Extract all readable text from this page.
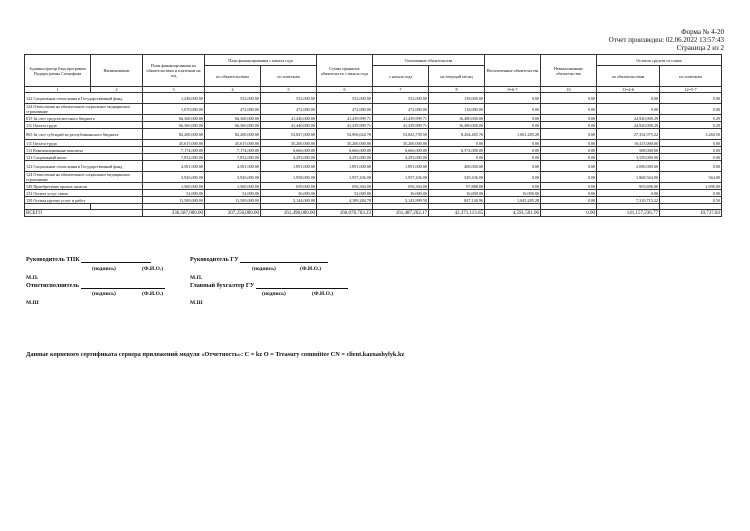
Форма № 4-20
Отчет произведен: 02.06.2022 13:57:43
Страница 2 из 2
Администратор Бюд.программа Подпрограмма Специфика	Наименование	План финансирования по обязательствам и платежам на год	План финансирования с начала года		Сумма принятых обязательств с начала года	Оплаченные обязательства		Неоплаченные обязательства	Невыполненные обязательства	Остаток средств от плана	
			по обязательствам	по платежам		с начала года	на текущий месяц			по обязательствам	по платежам
1	2	3	4	5	6	7	8	9=6-7	10	11=4-6	12=5-7
122 Социальные отчисления в Государственный фонд		1,248,000.00	552,000.00	552,000.00	552,000.00	552,000.00	138,000.00	0.00	0.00	0.00	0.00
124 Отчисления на обязательное социальное медицинское страхование		1,070,000.00	472,000.00	472,000.00	472,000.00	472,000.00	118,000.00	0.00	0.00	0.00	0.00
015 За счет средств местного бюджета		66,360,000.00	66,360,000.00	41,440,000.00	41,439,999.71	41,439,999.71	16,480,000.00	0.00	0.00	24,920,000.29	0.29
111 Оплата труда		66,360,000.00	66,360,000.00	41,440,000.00	41,439,999.71	41,439,999.71	16,480,000.00	0.00	0.00	24,920,000.29	0.29
065 За счет субсидий из республиканского бюджета		82,260,000.00	82,260,000.00	53,847,000.00	54,906,024.78	53,843,739.50	8,264,465.76	1,061,285.28	0.00	27,354,975.22	3,260.50
111 Оплата труда		45,615,000.00	45,615,000.00	35,200,000.00	35,200,000.00	35,200,000.00	0.00	0.00	0.00	10,415,000.00	0.00
113 Компенсационные выплаты		7,174,000.00	7,174,000.00	6,666,000.00	6,666,000.00	6,666,000.00	6,574,000.00	0.00	0.00	508,000.00	0.00
121 Социальный налог		7,852,000.00	7,852,000.00	4,293,000.00	4,293,000.00	4,293,000.00	0.00	0.00	0.00	3,559,000.00	0.00
122 Социальные отчисления в Государственный фонд		4,581,000.00	4,581,000.00	1,891,000.00	1,891,000.00	1,891,000.00	400,000.00	0.00	0.00	2,690,000.00	0.00
124 Отчисления на обязательное социальное медицинское страхование		3,926,000.00	3,926,000.00	1,958,000.00	1,957,436.00	1,957,436.00	329,436.00	0.00	0.00	1,968,564.00	564.00
149 Приобретение прочих запасов		1,560,000.00	1,560,000.00	659,000.00	656,304.00	656,304.00	97,888.80	0.00	0.00	903,696.00	2,696.00
152 Оплата услуг связи		52,000.00	52,000.00	36,000.00	52,000.00	36,000.00	16,000.00	16,000.00	0.00	0.00	0.00
159 Оплата прочих услуг и работ		11,500,000.00	11,500,000.00	3,144,000.00	4,189,284.78	3,143,999.50	847,140.96	1,045,285.28	0.00	7,310,715.22	0.50

ВСЕГО		336,587,000.00	307,256,000.00	161,498,000.00	166,078,763.23	161,487,262.17	42,371,113.65	4,591,501.06	0.00	141,157,236.77	10,737.83
Руководитель ТПК	Руководитель ГУ
(подпись)	(Ф.И.О.)	(подпись)	(Ф.И.О.)
М.П.	М.П.
Ответисполнитель	Главный бухгалтер ГУ
(подпись)	(Ф.И.О.)	(подпись)	(Ф.И.О.)
М.Ш	М.Ш
Данные корневого сертификата сервера приложений модуля «Отчетность»: C = kz O = Treasury committee CN = client.kaznashylyk.kz
